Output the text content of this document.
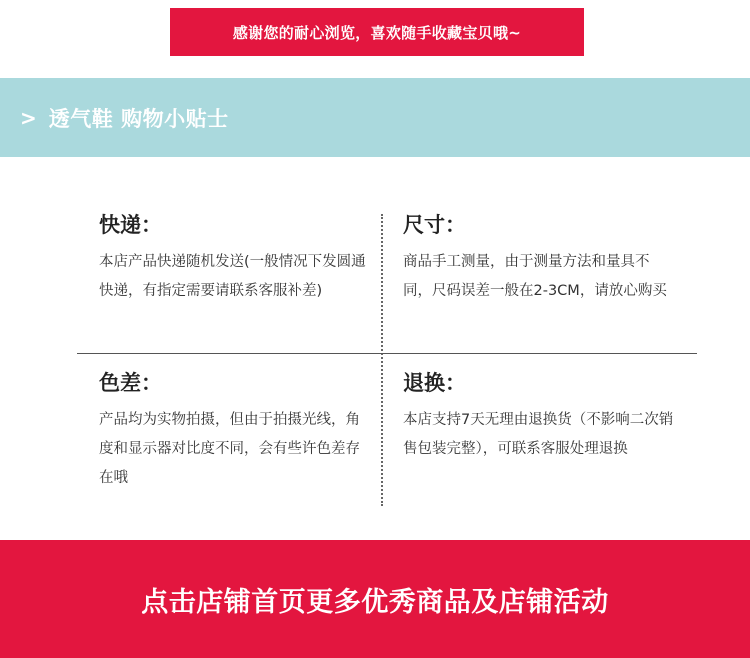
感谢您的耐心浏览，喜欢随手收藏宝贝哦~
> 透气鞋 购物小贴士

快递：

本店产品快递随机发送(一般情况下发圆通快递，有指定需要请联系客服补差)

尺寸：

商品手工测量，由于测量方法和量具不同，尺码误差一般在2-3CM，请放心购买

色差：

产品均为实物拍摄，但由于拍摄光线，角度和显示器对比度不同，会有些许色差存在哦

退换：

本店支持7天无理由退换货（不影响二次销售包装完整），可联系客服处理退换

点击店铺首页更多优秀商品及店铺活动
